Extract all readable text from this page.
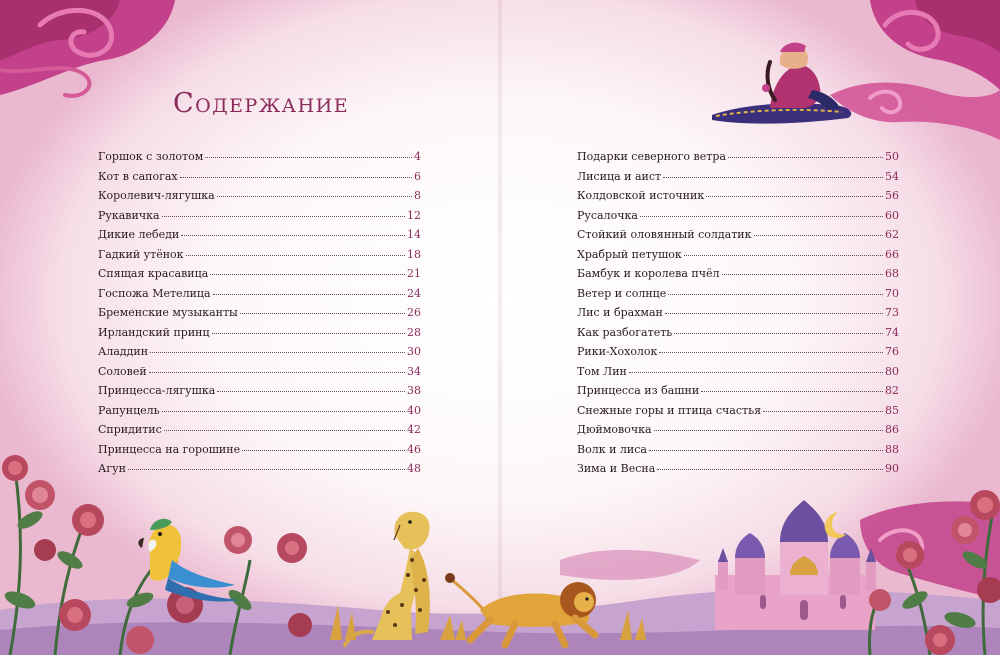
Содержание
Горшок с золотом	4
Кот в сапогах	6
Королевич-лягушка	8
Рукавичка	12
Дикие лебеди	14
Гадкий утёнок	18
Спящая красавица	21
Госпожа Метелица	24
Бременские музыканты	26
Ирландский принц	28
Аладдин	30
Соловей	34
Принцесса-лягушка	38
Рапунцель	40
Спридитис	42
Принцесса на горошине	46
Агун	48
Подарки северного ветра	50
Лисица и аист	54
Колдовской источник	56
Русалочка	60
Стойкий оловянный солдатик	62
Храбрый петушок	66
Бамбук и королева пчёл	68
Ветер и солнце	70
Лис и брахман	73
Как разбогатеть	74
Рики-Хохолок	76
Том Лин	80
Принцесса из башни	82
Снежные горы и птица счастья	85
Дюймовочка	86
Волк и лиса	88
Зима и Весна	90
